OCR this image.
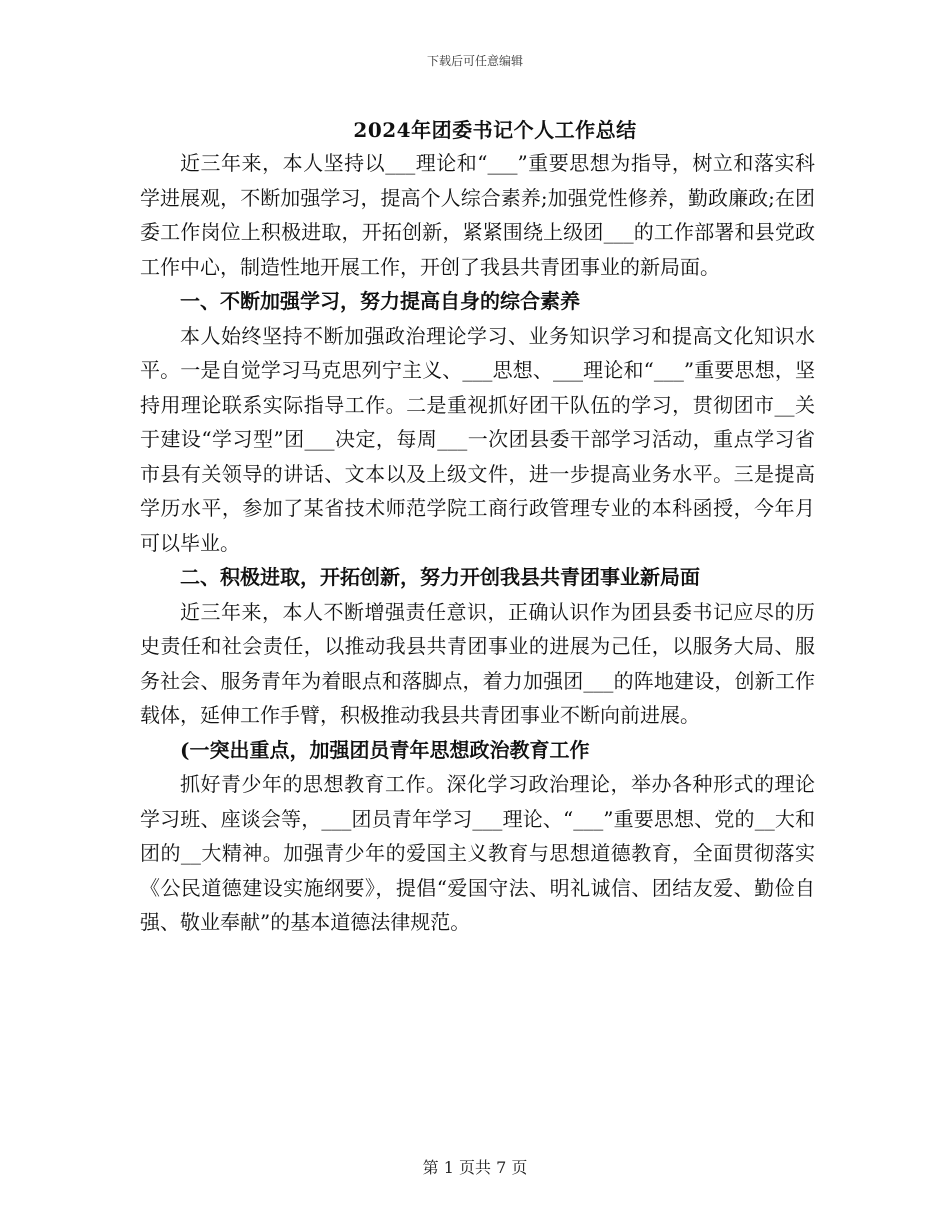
下载后可任意编辑
2024年团委书记个人工作总结

近三年来，本人坚持以___理论和“___”重要思想为指导，树立和落实科学进展观，不断加强学习，提高个人综合素养;加强党性修养，勤政廉政;在团委工作岗位上积极进取，开拓创新，紧紧围绕上级团___的工作部署和县党政工作中心，制造性地开展工作，开创了我县共青团事业的新局面。

一、不断加强学习，努力提高自身的综合素养

本人始终坚持不断加强政治理论学习、业务知识学习和提高文化知识水平。一是自觉学习马克思列宁主义、___思想、___理论和“___”重要思想，坚持用理论联系实际指导工作。二是重视抓好团干队伍的学习，贯彻团市__关于建设“学习型”团___决定，每周___一次团县委干部学习活动，重点学习省市县有关领导的讲话、文本以及上级文件，进一步提高业务水平。三是提高学历水平，参加了某省技术师范学院工商行政管理专业的本科函授，今年月可以毕业。

二、积极进取，开拓创新，努力开创我县共青团事业新局面

近三年来，本人不断增强责任意识，正确认识作为团县委书记应尽的历史责任和社会责任，以推动我县共青团事业的进展为己任，以服务大局、服务社会、服务青年为着眼点和落脚点，着力加强团___的阵地建设，创新工作载体，延伸工作手臂，积极推动我县共青团事业不断向前进展。

(一突出重点，加强团员青年思想政治教育工作

抓好青少年的思想教育工作。深化学习政治理论，举办各种形式的理论学习班、座谈会等，___团员青年学习___理论、“___”重要思想、党的__大和团的__大精神。加强青少年的爱国主义教育与思想道德教育，全面贯彻落实《公民道德建设实施纲要》，提倡“爱国守法、明礼诚信、团结友爱、勤俭自强、敬业奉献”的基本道德法律规范。

第 1 页共 7 页
